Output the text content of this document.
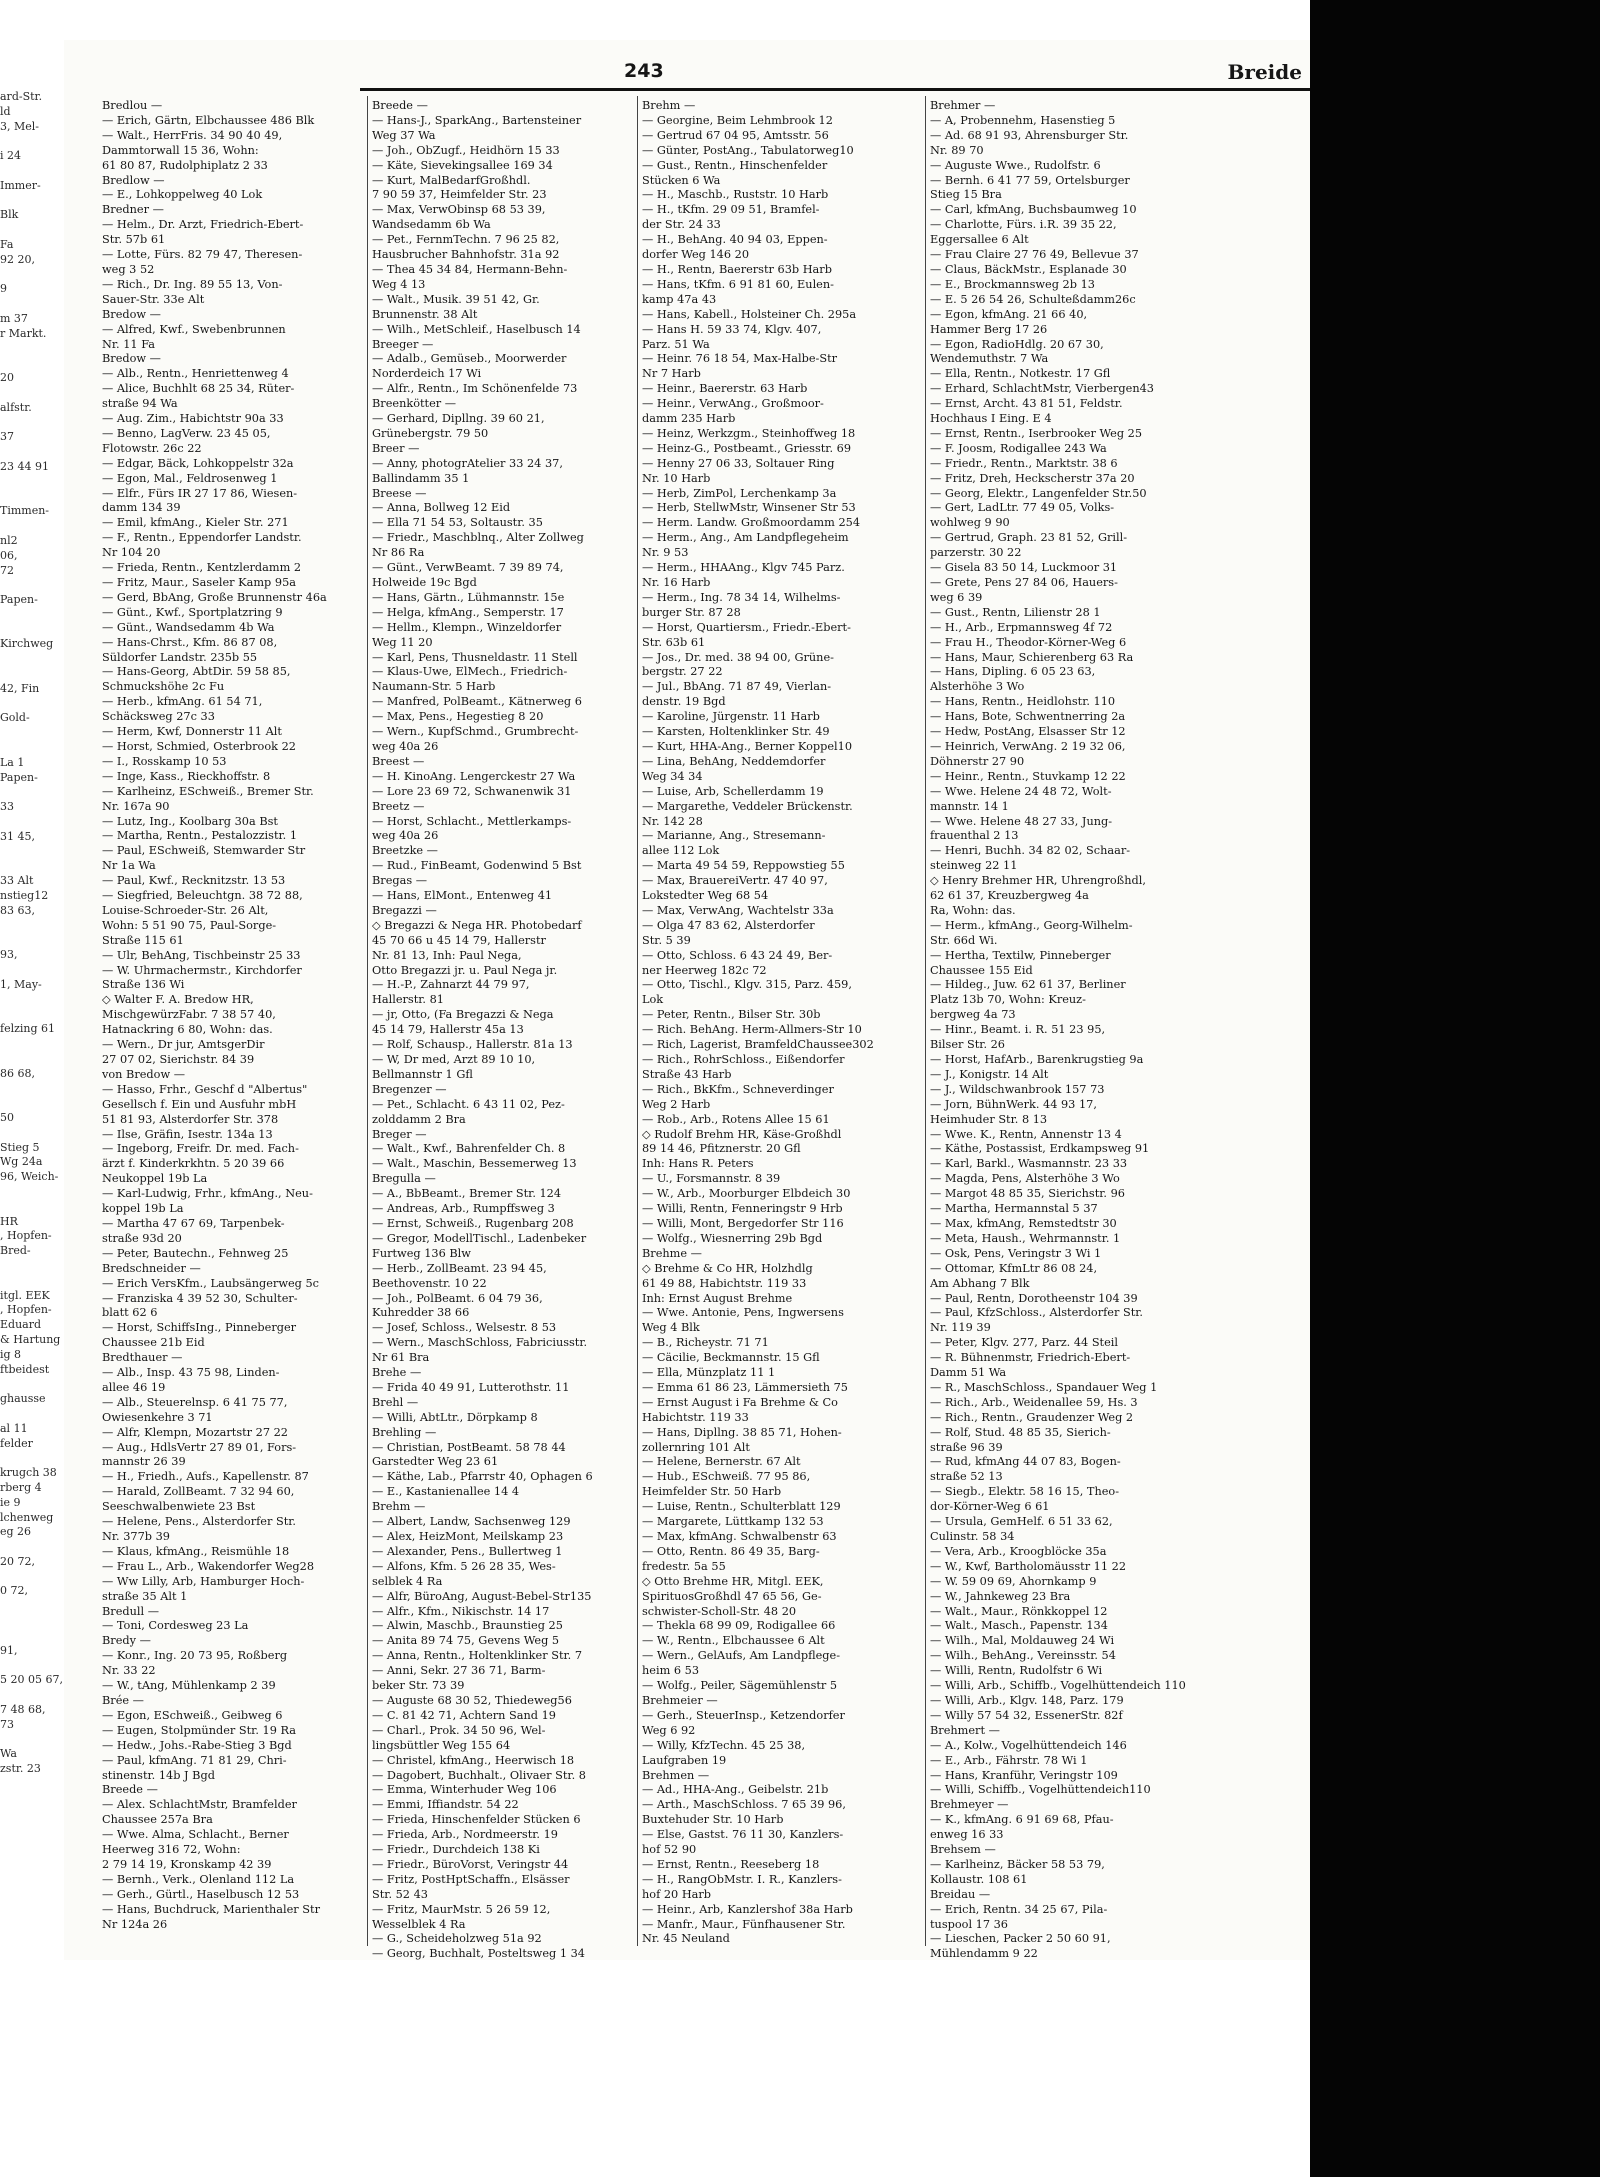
ard-Str.
ld
3, Mel-

i 24

Immer-

Blk

Fa
92 20,

9

m 37
r Markt.

20

alfstr.

37

23 44 91

Timmen-

nl2
06,
72

Papen-

Kirchweg

42, Fin

Gold-

La 1
Papen-

33

31 45,

33 Alt
nstieg12
83 63,

93,

1, May-

felzing 61

86 68,

50

Stieg 5
Wg 24a
96, Weich-

HR
, Hopfen-
Bred-

itgl. EEK
, Hopfen-
Eduard
& Hartung
ig 8
ftbeidest

ghausse

al 11
felder

krugch 38
rberg 4
ie 9
lchenweg
eg 26

20 72,

0 72,

91,

5 20 05 67,

7 48 68,
73

Wa
zstr. 23
243	Breide
Bredlou —
— Erich, Gärtn, Elbchaussee 486 Blk
— Walt., HerrFris. 34 90 40 49,
Dammtorwall 15 36, Wohn:
61 80 87, Rudolphiplatz 2 33
Bredlow —
— E., Lohkoppelweg 40 Lok
Bredner —
— Helm., Dr. Arzt, Friedrich-Ebert-
Str. 57b 61
— Lotte, Fürs. 82 79 47, Theresen-
weg 3 52
— Rich., Dr. Ing. 89 55 13, Von-
Sauer-Str. 33e Alt
Bredow —
— Alfred, Kwf., Swebenbrunnen
Nr. 11 Fa
Bredow —
— Alb., Rentn., Henriettenweg 4
— Alice, Buchhlt 68 25 34, Rüter-
straße 94 Wa
— Aug. Zim., Habichtstr 90a 33
— Benno, LagVerw. 23 45 05,
Flotowstr. 26c 22
— Edgar, Bäck, Lohkoppelstr 32a
— Egon, Mal., Feldrosenweg 1
— Elfr., Fürs IR 27 17 86, Wiesen-
damm 134 39
— Emil, kfmAng., Kieler Str. 271
— F., Rentn., Eppendorfer Landstr.
Nr 104 20
— Frieda, Rentn., Kentzlerdamm 2
— Fritz, Maur., Saseler Kamp 95a
— Gerd, BbAng, Große Brunnenstr 46a
— Günt., Kwf., Sportplatzring 9
— Günt., Wandsedamm 4b Wa
— Hans-Chrst., Kfm. 86 87 08,
Süldorfer Landstr. 235b 55
— Hans-Georg, AbtDir. 59 58 85,
Schmuckshöhe 2c Fu
— Herb., kfmAng. 61 54 71,
Schäcksweg 27c 33
— Herm, Kwf, Donnerstr 11 Alt
— Horst, Schmied, Osterbrook 22
— I., Rosskamp 10 53
— Inge, Kass., Rieckhoffstr. 8
— Karlheinz, ESchweiß., Bremer Str.
Nr. 167a 90
— Lutz, Ing., Koolbarg 30a Bst
— Martha, Rentn., Pestalozzistr. 1
— Paul, ESchweiß, Stemwarder Str
Nr 1a Wa
— Paul, Kwf., Recknitzstr. 13 53
— Siegfried, Beleuchtgn. 38 72 88,
Louise-Schroeder-Str. 26 Alt,
Wohn: 5 51 90 75, Paul-Sorge-
Straße 115 61
— Ulr, BehAng, Tischbeinstr 25 33
— W. Uhrmachermstr., Kirchdorfer
Straße 136 Wi
◇ Walter F. A. Bredow HR,
MischgewürzFabr. 7 38 57 40,
Hatnackring 6 80, Wohn: das.
— Wern., Dr jur, AmtsgerDir
27 07 02, Sierichstr. 84 39
von Bredow —
— Hasso, Frhr., Geschf d "Albertus"
Gesellsch f. Ein und Ausfuhr mbH
51 81 93, Alsterdorfer Str. 378
— Ilse, Gräfin, Isestr. 134a 13
— Ingeborg, Freifr. Dr. med. Fach-
ärzt f. Kinderkrkhtn. 5 20 39 66
Neukoppel 19b La
— Karl-Ludwig, Frhr., kfmAng., Neu-
koppel 19b La
— Martha 47 67 69, Tarpenbek-
straße 93d 20
— Peter, Bautechn., Fehnweg 25
Bredschneider —
— Erich VersKfm., Laubsängerweg 5c
— Franziska 4 39 52 30, Schulter-
blatt 62 6
— Horst, SchiffsIng., Pinneberger
Chaussee 21b Eid
Bredthauer —
— Alb., Insp. 43 75 98, Linden-
allee 46 19
— Alb., Steuerelnsp. 6 41 75 77,
Owiesenkehre 3 71
— Alfr, Klempn, Mozartstr 27 22
— Aug., HdlsVertr 27 89 01, Fors-
mannstr 26 39
— H., Friedh., Aufs., Kapellenstr. 87
— Harald, ZollBeamt. 7 32 94 60,
Seeschwalbenwiete 23 Bst
— Helene, Pens., Alsterdorfer Str.
Nr. 377b 39
— Klaus, kfmAng., Reismühle 18
— Frau L., Arb., Wakendorfer Weg28
— Ww Lilly, Arb, Hamburger Hoch-
straße 35 Alt 1
Bredull —
— Toni, Cordesweg 23 La
Bredy —
— Konr., Ing. 20 73 95, Roßberg
Nr. 33 22
— W., tAng, Mühlenkamp 2 39
Brée —
— Egon, ESchweiß., Geibweg 6
— Eugen, Stolpmünder Str. 19 Ra
— Hedw., Johs.-Rabe-Stieg 3 Bgd
— Paul, kfmAng. 71 81 29, Chri-
stinenstr. 14b J Bgd
Breede —
— Alex. SchlachtMstr, Bramfelder
Chaussee 257a Bra
— Wwe. Alma, Schlacht., Berner
Heerweg 316 72, Wohn:
2 79 14 19, Kronskamp 42 39
— Bernh., Verk., Olenland 112 La
— Gerh., Gürtl., Haselbusch 12 53
— Hans, Buchdruck, Marienthaler Str
Nr 124a 26
Breede —
— Hans-J., SparkAng., Bartensteiner
Weg 37 Wa
— Joh., ObZugf., Heidhörn 15 33
— Käte, Sievekingsallee 169 34
— Kurt, MalBedarfGroßhdl.
7 90 59 37, Heimfelder Str. 23
— Max, VerwObinsp 68 53 39,
Wandsedamm 6b Wa
— Pet., FernmTechn. 7 96 25 82,
Hausbrucher Bahnhofstr. 31a 92
— Thea 45 34 84, Hermann-Behn-
Weg 4 13
— Walt., Musik. 39 51 42, Gr.
Brunnenstr. 38 Alt
— Wilh., MetSchleif., Haselbusch 14
Breeger —
— Adalb., Gemüseb., Moorwerder
Norderdeich 17 Wi
— Alfr., Rentn., Im Schönenfelde 73
Breenkötter —
— Gerhard, Dipllng. 39 60 21,
Grünebergstr. 79 50
Breer —
— Anny, photogrAtelier 33 24 37,
Ballindamm 35 1
Breese —
— Anna, Bollweg 12 Eid
— Ella 71 54 53, Soltaustr. 35
— Friedr., Maschblnq., Alter Zollweg
Nr 86 Ra
— Günt., VerwBeamt. 7 39 89 74,
Holweide 19c Bgd
— Hans, Gärtn., Lühmannstr. 15e
— Helga, kfmAng., Semperstr. 17
— Hellm., Klempn., Winzeldorfer
Weg 11 20
— Karl, Pens, Thusneldastr. 11 Stell
— Klaus-Uwe, ElMech., Friedrich-
Naumann-Str. 5 Harb
— Manfred, PolBeamt., Kätnerweg 6
— Max, Pens., Hegestieg 8 20
— Wern., KupfSchmd., Grumbrecht-
weg 40a 26
Breest —
— H. KinoAng. Lengerckestr 27 Wa
— Lore 23 69 72, Schwanenwik 31
Breetz —
— Horst, Schlacht., Mettlerkamps-
weg 40a 26
Breetzke —
— Rud., FinBeamt, Godenwind 5 Bst
Bregas —
— Hans, ElMont., Entenweg 41
Bregazzi —
◇ Bregazzi & Nega HR. Photobedarf
45 70 66 u 45 14 79, Hallerstr
Nr. 81 13, Inh: Paul Nega,
Otto Bregazzi jr. u. Paul Nega jr.
— H.-P., Zahnarzt 44 79 97,
Hallerstr. 81
— jr, Otto, (Fa Bregazzi & Nega
45 14 79, Hallerstr 45a 13
— Rolf, Schausp., Hallerstr. 81a 13
— W, Dr med, Arzt 89 10 10,
Bellmannstr 1 Gfl
Bregenzer —
— Pet., Schlacht. 6 43 11 02, Pez-
zolddamm 2 Bra
Breger —
— Walt., Kwf., Bahrenfelder Ch. 8
— Walt., Maschin, Bessemerweg 13
Bregulla —
— A., BbBeamt., Bremer Str. 124
— Andreas, Arb., Rumpffsweg 3
— Ernst, Schweiß., Rugenbarg 208
— Gregor, ModellTischl., Ladenbeker
Furtweg 136 Blw
— Herb., ZollBeamt. 23 94 45,
Beethovenstr. 10 22
— Joh., PolBeamt. 6 04 79 36,
Kuhredder 38 66
— Josef, Schloss., Welsestr. 8 53
— Wern., MaschSchloss, Fabriciusstr.
Nr 61 Bra
Brehe —
— Frida 40 49 91, Lutterothstr. 11
Brehl —
— Willi, AbtLtr., Dörpkamp 8
Brehling —
— Christian, PostBeamt. 58 78 44
Garstedter Weg 23 61
— Käthe, Lab., Pfarrstr 40, Ophagen 6
— E., Kastanienallee 14 4
Brehm —
— Albert, Landw, Sachsenweg 129
— Alex, HeizMont, Meilskamp 23
— Alexander, Pens., Bullertweg 1
— Alfons, Kfm. 5 26 28 35, Wes-
selblek 4 Ra
— Alfr, BüroAng, August-Bebel-Str135
— Alfr., Kfm., Nikischstr. 14 17
— Alwin, Maschb., Braunstieg 25
— Anita 89 74 75, Gevens Weg 5
— Anna, Rentn., Holtenklinker Str. 7
— Anni, Sekr. 27 36 71, Barm-
beker Str. 73 39
— Auguste 68 30 52, Thiedeweg56
— C. 81 42 71, Achtern Sand 19
— Charl., Prok. 34 50 96, Wel-
lingsbüttler Weg 155 64
— Christel, kfmAng., Heerwisch 18
— Dagobert, Buchhalt., Olivaer Str. 8
— Emma, Winterhuder Weg 106
— Emmi, Iffiandstr. 54 22
— Frieda, Hinschenfelder Stücken 6
— Frieda, Arb., Nordmeerstr. 19
— Friedr., Durchdeich 138 Ki
— Friedr., BüroVorst, Veringstr 44
— Fritz, PostHptSchaffn., Elsässer
Str. 52 43
— Fritz, MaurMstr. 5 26 59 12,
Wesselblek 4 Ra
— G., Scheideholzweg 51a 92
— Georg, Buchhalt, Posteltsweg 1 34
Brehm —
— Georgine, Beim Lehmbrook 12
— Gertrud 67 04 95, Amtsstr. 56
— Günter, PostAng., Tabulatorweg10
— Gust., Rentn., Hinschenfelder
Stücken 6 Wa
— H., Maschb., Ruststr. 10 Harb
— H., tKfm. 29 09 51, Bramfel-
der Str. 24 33
— H., BehAng. 40 94 03, Eppen-
dorfer Weg 146 20
— H., Rentn, Baererstr 63b Harb
— Hans, tKfm. 6 91 81 60, Eulen-
kamp 47a 43
— Hans, Kabell., Holsteiner Ch. 295a
— Hans H. 59 33 74, Klgv. 407,
Parz. 51 Wa
— Heinr. 76 18 54, Max-Halbe-Str
Nr 7 Harb
— Heinr., Baererstr. 63 Harb
— Heinr., VerwAng., Großmoor-
damm 235 Harb
— Heinz, Werkzgm., Steinhoffweg 18
— Heinz-G., Postbeamt., Griesstr. 69
— Henny 27 06 33, Soltauer Ring
Nr. 10 Harb
— Herb, ZimPol, Lerchenkamp 3a
— Herb, StellwMstr, Winsener Str 53
— Herm. Landw. Großmoordamm 254
— Herm., Ang., Am Landpflegeheim
Nr. 9 53
— Herm., HHAAng., Klgv 745 Parz.
Nr. 16 Harb
— Herm., Ing. 78 34 14, Wilhelms-
burger Str. 87 28
— Horst, Quartiersm., Friedr.-Ebert-
Str. 63b 61
— Jos., Dr. med. 38 94 00, Grüne-
bergstr. 27 22
— Jul., BbAng. 71 87 49, Vierlan-
denstr. 19 Bgd
— Karoline, Jürgenstr. 11 Harb
— Karsten, Holtenklinker Str. 49
— Kurt, HHA-Ang., Berner Koppel10
— Lina, BehAng, Neddemdorfer
Weg 34 34
— Luise, Arb, Schellerdamm 19
— Margarethe, Veddeler Brückenstr.
Nr. 142 28
— Marianne, Ang., Stresemann-
allee 112 Lok
— Marta 49 54 59, Reppowstieg 55
— Max, BrauereiVertr. 47 40 97,
Lokstedter Weg 68 54
— Max, VerwAng, Wachtelstr 33a
— Olga 47 83 62, Alsterdorfer
Str. 5 39
— Otto, Schloss. 6 43 24 49, Ber-
ner Heerweg 182c 72
— Otto, Tischl., Klgv. 315, Parz. 459,
Lok
— Peter, Rentn., Bilser Str. 30b
— Rich. BehAng. Herm-Allmers-Str 10
— Rich, Lagerist, BramfeldChaussee302
— Rich., RohrSchloss., Eißendorfer
Straße 43 Harb
— Rich., BkKfm., Schneverdinger
Weg 2 Harb
— Rob., Arb., Rotens Allee 15 61
◇ Rudolf Brehm HR, Käse-Großhdl
89 14 46, Pfitznerstr. 20 Gfl
Inh: Hans R. Peters
— U., Forsmannstr. 8 39
— W., Arb., Moorburger Elbdeich 30
— Willi, Rentn, Fenneringstr 9 Hrb
— Willi, Mont, Bergedorfer Str 116
— Wolfg., Wiesnerring 29b Bgd
Brehme —
◇ Brehme & Co HR, Holzhdlg
61 49 88, Habichtstr. 119 33
Inh: Ernst August Brehme
— Wwe. Antonie, Pens, Ingwersens
Weg 4 Blk
— B., Richeystr. 71 71
— Cäcilie, Beckmannstr. 15 Gfl
— Ella, Münzplatz 11 1
— Emma 61 86 23, Lämmersieth 75
— Ernst August i Fa Brehme & Co
Habichtstr. 119 33
— Hans, Dipllng. 38 85 71, Hohen-
zollernring 101 Alt
— Helene, Bernerstr. 67 Alt
— Hub., ESchweiß. 77 95 86,
Heimfelder Str. 50 Harb
— Luise, Rentn., Schulterblatt 129
— Margarete, Lüttkamp 132 53
— Max, kfmAng. Schwalbenstr 63
— Otto, Rentn. 86 49 35, Barg-
fredestr. 5a 55
◇ Otto Brehme HR, Mitgl. EEK,
SpirituosGroßhdl 47 65 56, Ge-
schwister-Scholl-Str. 48 20
— Thekla 68 99 09, Rodigallee 66
— W., Rentn., Elbchaussee 6 Alt
— Wern., GelAufs, Am Landpflege-
heim 6 53
— Wolfg., Peiler, Sägemühlenstr 5
Brehmeier —
— Gerh., SteuerInsp., Ketzendorfer
Weg 6 92
— Willy, KfzTechn. 45 25 38,
Laufgraben 19
Brehmen —
— Ad., HHA-Ang., Geibelstr. 21b
— Arth., MaschSchloss. 7 65 39 96,
Buxtehuder Str. 10 Harb
— Else, Gastst. 76 11 30, Kanzlers-
hof 52 90
— Ernst, Rentn., Reeseberg 18
— H., RangObMstr. I. R., Kanzlers-
hof 20 Harb
— Heinr., Arb, Kanzlershof 38a Harb
— Manfr., Maur., Fünfhausener Str.
Nr. 45 Neuland
Brehmer —
— A, Probennehm, Hasenstieg 5
— Ad. 68 91 93, Ahrensburger Str.
Nr. 89 70
— Auguste Wwe., Rudolfstr. 6
— Bernh. 6 41 77 59, Ortelsburger
Stieg 15 Bra
— Carl, kfmAng, Buchsbaumweg 10
— Charlotte, Fürs. i.R. 39 35 22,
Eggersallee 6 Alt
— Frau Claire 27 76 49, Bellevue 37
— Claus, BäckMstr., Esplanade 30
— E., Brockmannsweg 2b 13
— E. 5 26 54 26, Schulteßdamm26c
— Egon, kfmAng. 21 66 40,
Hammer Berg 17 26
— Egon, RadioHdlg. 20 67 30,
Wendemuthstr. 7 Wa
— Ella, Rentn., Notkestr. 17 Gfl
— Erhard, SchlachtMstr, Vierbergen43
— Ernst, Archt. 43 81 51, Feldstr.
Hochhaus I Eing. E 4
— Ernst, Rentn., Iserbrooker Weg 25
— F. Joosm, Rodigallee 243 Wa
— Friedr., Rentn., Marktstr. 38 6
— Fritz, Dreh, Heckscherstr 37a 20
— Georg, Elektr., Langenfelder Str.50
— Gert, LadLtr. 77 49 05, Volks-
wohlweg 9 90
— Gertrud, Graph. 23 81 52, Grill-
parzerstr. 30 22
— Gisela 83 50 14, Luckmoor 31
— Grete, Pens 27 84 06, Hauers-
weg 6 39
— Gust., Rentn, Lilienstr 28 1
— H., Arb., Erpmannsweg 4f 72
— Frau H., Theodor-Körner-Weg 6
— Hans, Maur, Schierenberg 63 Ra
— Hans, Dipling. 6 05 23 63,
Alsterhöhe 3 Wo
— Hans, Rentn., Heidlohstr. 110
— Hans, Bote, Schwentnerring 2a
— Hedw, PostAng, Elsasser Str 12
— Heinrich, VerwAng. 2 19 32 06,
Döhnerstr 27 90
— Heinr., Rentn., Stuvkamp 12 22
— Wwe. Helene 24 48 72, Wolt-
mannstr. 14 1
— Wwe. Helene 48 27 33, Jung-
frauenthal 2 13
— Henri, Buchh. 34 82 02, Schaar-
steinweg 22 11
◇ Henry Brehmer HR, Uhrengroßhdl,
62 61 37, Kreuzbergweg 4a
Ra, Wohn: das.
— Herm., kfmAng., Georg-Wilhelm-
Str. 66d Wi.
— Hertha, Textilw, Pinneberger
Chaussee 155 Eid
— Hildeg., Juw. 62 61 37, Berliner
Platz 13b 70, Wohn: Kreuz-
bergweg 4a 73
— Hinr., Beamt. i. R. 51 23 95,
Bilser Str. 26
— Horst, HafArb., Barenkrugstieg 9a
— J., Konigstr. 14 Alt
— J., Wildschwanbrook 157 73
— Jorn, BühnWerk. 44 93 17,
Heimhuder Str. 8 13
— Wwe. K., Rentn, Annenstr 13 4
— Käthe, Postassist, Erdkampsweg 91
— Karl, Barkl., Wasmannstr. 23 33
— Magda, Pens, Alsterhöhe 3 Wo
— Margot 48 85 35, Sierichstr. 96
— Martha, Hermannstal 5 37
— Max, kfmAng, Remstedtstr 30
— Meta, Haush., Wehrmannstr. 1
— Osk, Pens, Veringstr 3 Wi 1
— Ottomar, KfmLtr 86 08 24,
Am Abhang 7 Blk
— Paul, Rentn, Dorotheenstr 104 39
— Paul, KfzSchloss., Alsterdorfer Str.
Nr. 119 39
— Peter, Klgv. 277, Parz. 44 Steil
— R. Bühnenmstr, Friedrich-Ebert-
Damm 51 Wa
— R., MaschSchloss., Spandauer Weg 1
— Rich., Arb., Weidenallee 59, Hs. 3
— Rich., Rentn., Graudenzer Weg 2
— Rolf, Stud. 48 85 35, Sierich-
straße 96 39
— Rud, kfmAng 44 07 83, Bogen-
straße 52 13
— Siegb., Elektr. 58 16 15, Theo-
dor-Körner-Weg 6 61
— Ursula, GemHelf. 6 51 33 62,
Culinstr. 58 34
— Vera, Arb., Kroogblöcke 35a
— W., Kwf, Bartholomäusstr 11 22
— W. 59 09 69, Ahornkamp 9
— W., Jahnkeweg 23 Bra
— Walt., Maur., Rönkkoppel 12
— Walt., Masch., Papenstr. 134
— Wilh., Mal, Moldauweg 24 Wi
— Wilh., BehAng., Vereinsstr. 54
— Willi, Rentn, Rudolfstr 6 Wi
— Willi, Arb., Schiffb., Vogelhüttendeich 110
— Willi, Arb., Klgv. 148, Parz. 179
— Willy 57 54 32, EssenerStr. 82f
Brehmert —
— A., Kolw., Vogelhüttendeich 146
— E., Arb., Fährstr. 78 Wi 1
— Hans, Kranführ, Veringstr 109
— Willi, Schiffb., Vogelhüttendeich110
Brehmeyer —
— K., kfmAng. 6 91 69 68, Pfau-
enweg 16 33
Brehsem —
— Karlheinz, Bäcker 58 53 79,
Kollaustr. 108 61
Breidau —
— Erich, Rentn. 34 25 67, Pila-
tuspool 17 36
— Lieschen, Packer 2 50 60 91,
Mühlendamm 9 22
